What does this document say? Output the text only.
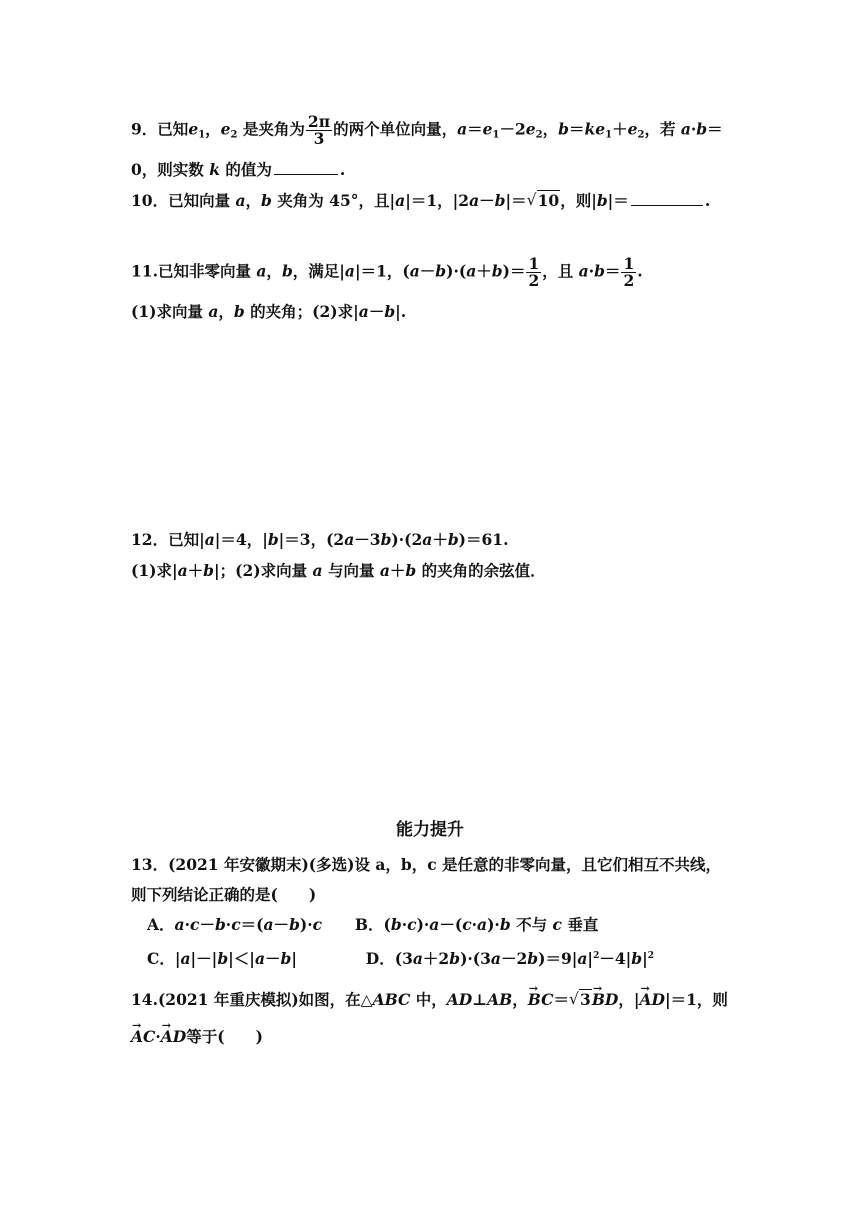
9．已知$e_1$，$e_2$ 是夹角为 $\frac{2\pi}{3}$ 的两个单位向量，$a=e_1-2e_2$，$b=ke_1+e_2$，若 a·b＝
0，则实数 k 的值为	.
10．已知向量 a，b 夹角为 45°，且|a|＝1，|2a－b|＝ √ 10，则|b|＝	.
11.已知非零向量 a，b，满足|a|＝1，$(a-b)\cdot(a+b)= \frac{1}{2}$ ，且 $a\cdot b= \frac{1}{2}$ .
(1)求向量 a，b 的夹角；(2)求|a－b|.
12．已知|a|＝4，|b|＝3，(2a－3b)·(2a＋b)＝61.
(1)求|a＋b|；(2)求向量 a 与向量 a＋b 的夹角的余弦值．
能力提升
13．(2021 年安徽期末)(多选)设 a，b，c 是任意的非零向量，且它们相互不共线，
则下列结论正确的是(　　)
A．a·c－b·c＝(a－b)·c B．(b·c)·a－(c·a)·b 不与 c 垂直
C．|a|－|b|＜|a－b|	D．$(3a+2b)\cdot(3a-2b)=9|a|^2-4|b|^2$
14.(2021 年重庆模拟)如图，在△ABC 中，AD⊥AB，BC →＝ √ 3BD →，|AD →|＝1，则
AC →·AD →等于(　　)
